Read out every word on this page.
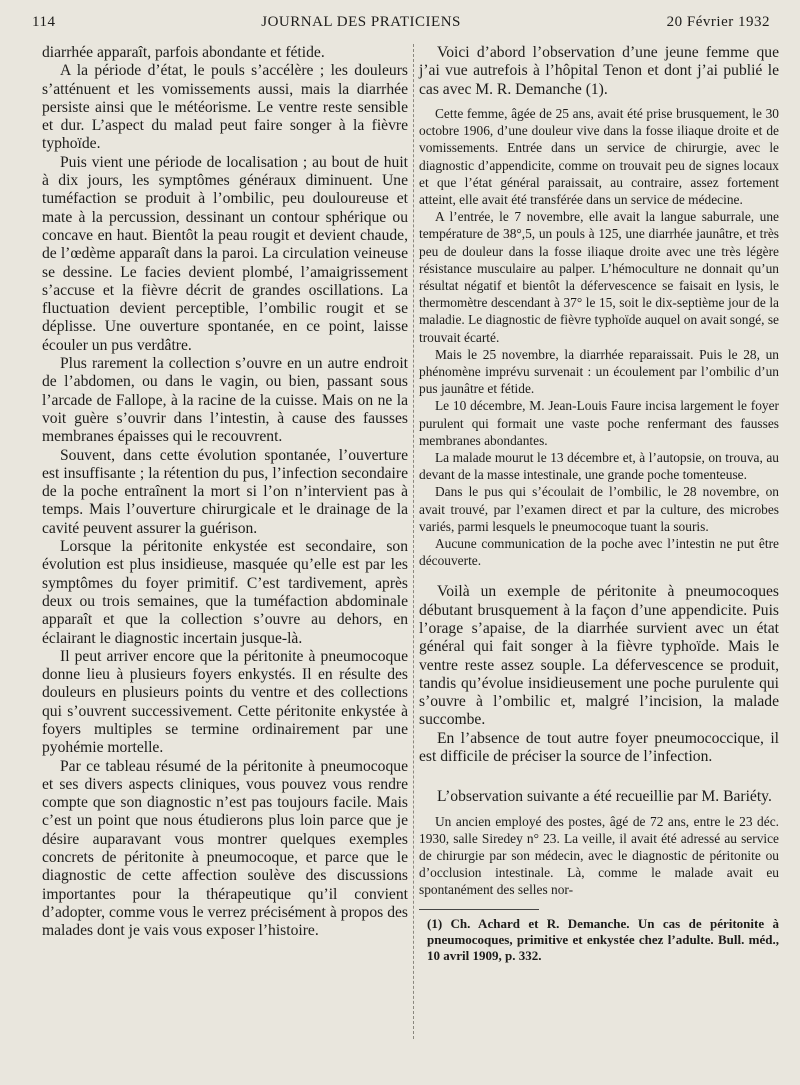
114	JOURNAL DES PRATICIENS	20 Février 1932

diarrhée apparaît, parfois abondante et fétide.

A la période d’état, le pouls s’accélère ; les douleurs s’atténuent et les vomissements aussi, mais la diarrhée persiste ainsi que le météorisme. Le ventre reste sensible et dur. L’aspect du malad peut faire songer à la fièvre typhoïde.

Puis vient une période de localisation ; au bout de huit à dix jours, les symptômes généraux diminuent. Une tuméfaction se produit à l’ombilic, peu douloureuse et mate à la percussion, dessinant un contour sphérique ou concave en haut. Bientôt la peau rougit et devient chaude, de l’œdème apparaît dans la paroi. La circulation veineuse se dessine. Le facies devient plombé, l’amaigrissement s’accuse et la fièvre décrit de grandes oscillations. La fluctuation devient perceptible, l’ombilic rougit et se déplisse. Une ouverture spontanée, en ce point, laisse écouler un pus verdâtre.

Plus rarement la collection s’ouvre en un autre endroit de l’abdomen, ou dans le vagin, ou bien, passant sous l’arcade de Fallope, à la racine de la cuisse. Mais on ne la voit guère s’ouvrir dans l’intestin, à cause des fausses membranes épaisses qui le recouvrent.

Souvent, dans cette évolution spontanée, l’ouverture est insuffisante ; la rétention du pus, l’infection secondaire de la poche entraînent la mort si l’on n’intervient pas à temps. Mais l’ouverture chirurgicale et le drainage de la cavité peuvent assurer la guérison.

Lorsque la péritonite enkystée est secondaire, son évolution est plus insidieuse, masquée qu’elle est par les symptômes du foyer primitif. C’est tardivement, après deux ou trois semaines, que la tuméfaction abdominale apparaît et que la collection s’ouvre au dehors, en éclairant le diagnostic incertain jusque-là.

Il peut arriver encore que la péritonite à pneumocoque donne lieu à plusieurs foyers enkystés. Il en résulte des douleurs en plusieurs points du ventre et des collections qui s’ouvrent successivement. Cette péritonite enkystée à foyers multiples se termine ordinairement par une pyohémie mortelle.

Par ce tableau résumé de la péritonite à pneumocoque et ses divers aspects cliniques, vous pouvez vous rendre compte que son diagnostic n’est pas toujours facile. Mais c’est un point que nous étudierons plus loin parce que je désire auparavant vous montrer quelques exemples concrets de péritonite à pneumocoque, et parce que le diagnostic de cette affection soulève des discussions importantes pour la thérapeutique qu’il convient d’adopter, comme vous le verrez précisément à propos des malades dont je vais vous exposer l’histoire.

Voici d’abord l’observation d’une jeune femme que j’ai vue autrefois à l’hôpital Tenon et dont j’ai publié le cas avec M. R. Demanche (1).

Cette femme, âgée de 25 ans, avait été prise brusquement, le 30 octobre 1906, d’une douleur vive dans la fosse iliaque droite et de vomissements. Entrée dans un service de chirurgie, avec le diagnostic d’appendicite, comme on trouvait peu de signes locaux et que l’état général paraissait, au contraire, assez fortement atteint, elle avait été transférée dans un service de médecine.

A l’entrée, le 7 novembre, elle avait la langue saburrale, une température de 38°,5, un pouls à 125, une diarrhée jaunâtre, et très peu de douleur dans la fosse iliaque droite avec une très légère résistance musculaire au palper. L’hémoculture ne donnait qu’un résultat négatif et bientôt la défervescence se faisait en lysis, le thermomètre descendant à 37° le 15, soit le dix-septième jour de la maladie. Le diagnostic de fièvre typhoïde auquel on avait songé, se trouvait écarté.

Mais le 25 novembre, la diarrhée reparaissait. Puis le 28, un phénomène imprévu survenait : un écoulement par l’ombilic d’un pus jaunâtre et fétide.

Le 10 décembre, M. Jean-Louis Faure incisa largement le foyer purulent qui formait une vaste poche renfermant des fausses membranes abondantes.

La malade mourut le 13 décembre et, à l’autopsie, on trouva, au devant de la masse intestinale, une grande poche tomenteuse.

Dans le pus qui s’écoulait de l’ombilic, le 28 novembre, on avait trouvé, par l’examen direct et par la culture, des microbes variés, parmi lesquels le pneumocoque tuant la souris.

Aucune communication de la poche avec l’intestin ne put être découverte.

Voilà un exemple de péritonite à pneumocoques débutant brusquement à la façon d’une appendicite. Puis l’orage s’apaise, de la diarrhée survient avec un état général qui fait songer à la fièvre typhoïde. Mais le ventre reste assez souple. La défervescence se produit, tandis qu’évolue insidieusement une poche purulente qui s’ouvre à l’ombilic et, malgré l’incision, la malade succombe.

En l’absence de tout autre foyer pneumococcique, il est difficile de préciser la source de l’infection.

L’observation suivante a été recueillie par M. Bariéty.

Un ancien employé des postes, âgé de 72 ans, entre le 23 déc. 1930, salle Siredey n° 23. La veille, il avait été adressé au service de chirurgie par son médecin, avec le diagnostic de péritonite ou d’occlusion intestinale. Là, comme le malade avait eu spontanément des selles nor-

(1) Ch. Achard et R. Demanche. Un cas de péritonite à pneumocoques, primitive et enkystée chez l’adulte. Bull. méd., 10 avril 1909, p. 332.
